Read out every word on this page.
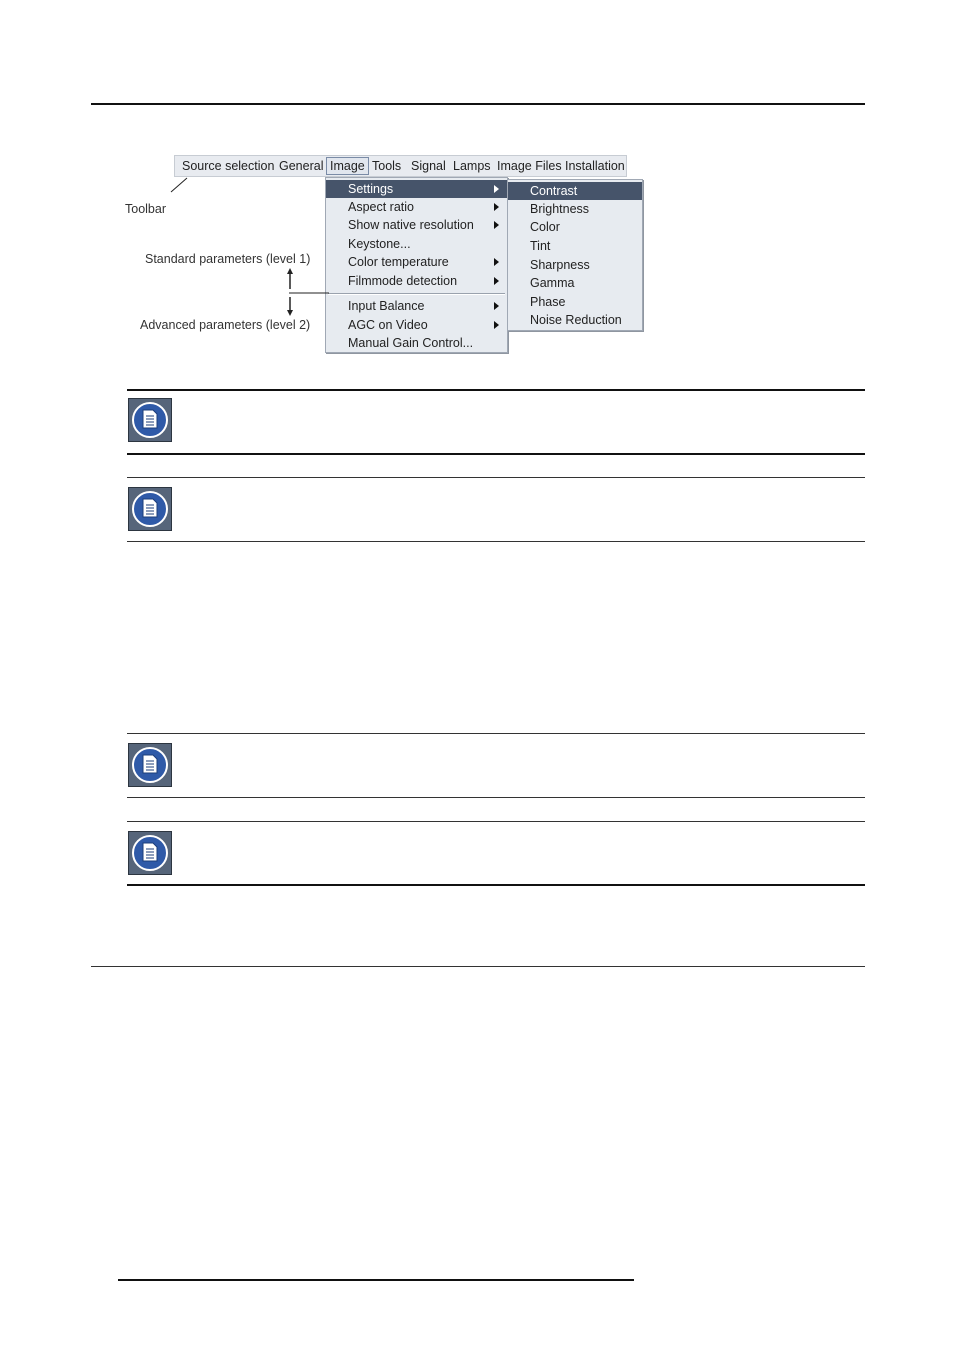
Source selection General Image Tools Signal Lamps Image Files Installation
Settings
Aspect ratio
Show native resolution
Keystone...
Color temperature
Filmmode detection
Input Balance
AGC on Video
Manual Gain Control...
Contrast
Brightness
Color
Tint
Sharpness
Gamma
Phase
Noise Reduction
Toolbar
Standard parameters (level 1)
Advanced parameters (level 2)
